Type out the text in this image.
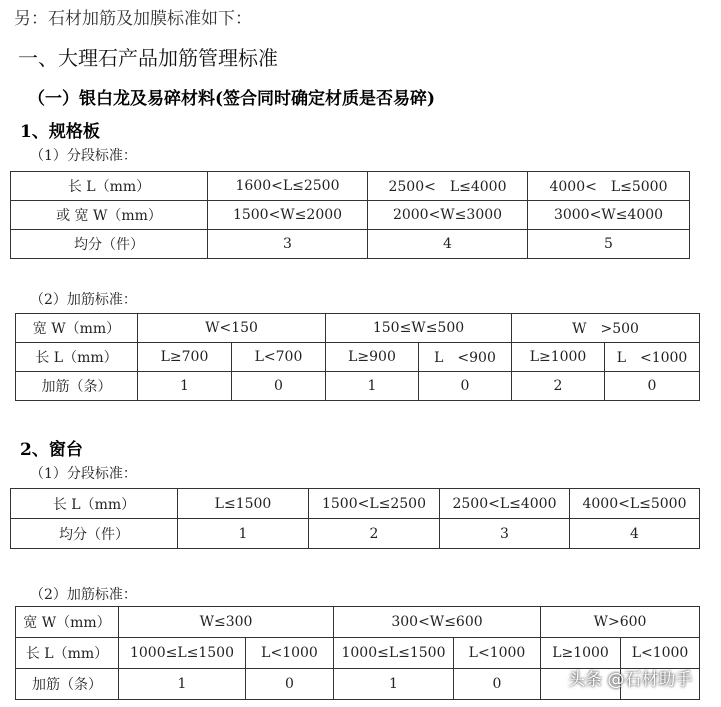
另：石材加筋及加膜标准如下：
一、大理石产品加筋管理标准
（一）银白龙及易碎材料(签合同时确定材质是否易碎)
1、规格板
（1）分段标准：
长 L（mm）	1600<L≤2500	2500<　L≤4000	4000<　L≤5000
或 宽 W（mm）	1500<W≤2000	2000<W≤3000	3000<W≤4000
均分（件）	3	4	5
（2）加筋标准：
宽 W（mm）	W<150		150≤W≤500		W　>500	
长 L（mm）	L≥700	L<700	L≥900	L　<900	L≥1000	L　<1000
加筋（条）	1	0	1	0	2	0
2、窗台
（1）分段标准：
长 L（mm）	L≤1500	1500<L≤2500	2500<L≤4000	4000<L≤5000
均分（件）	1	2	3	4
（2）加筋标准：
宽 W（mm）	W≤300		300<W≤600		W>600	
长 L（mm）	1000≤L≤1500	L<1000	1000≤L≤1500	L<1000	L≥1000	L<1000
加筋（条）	1	0	1	0			头条 @石材助手
